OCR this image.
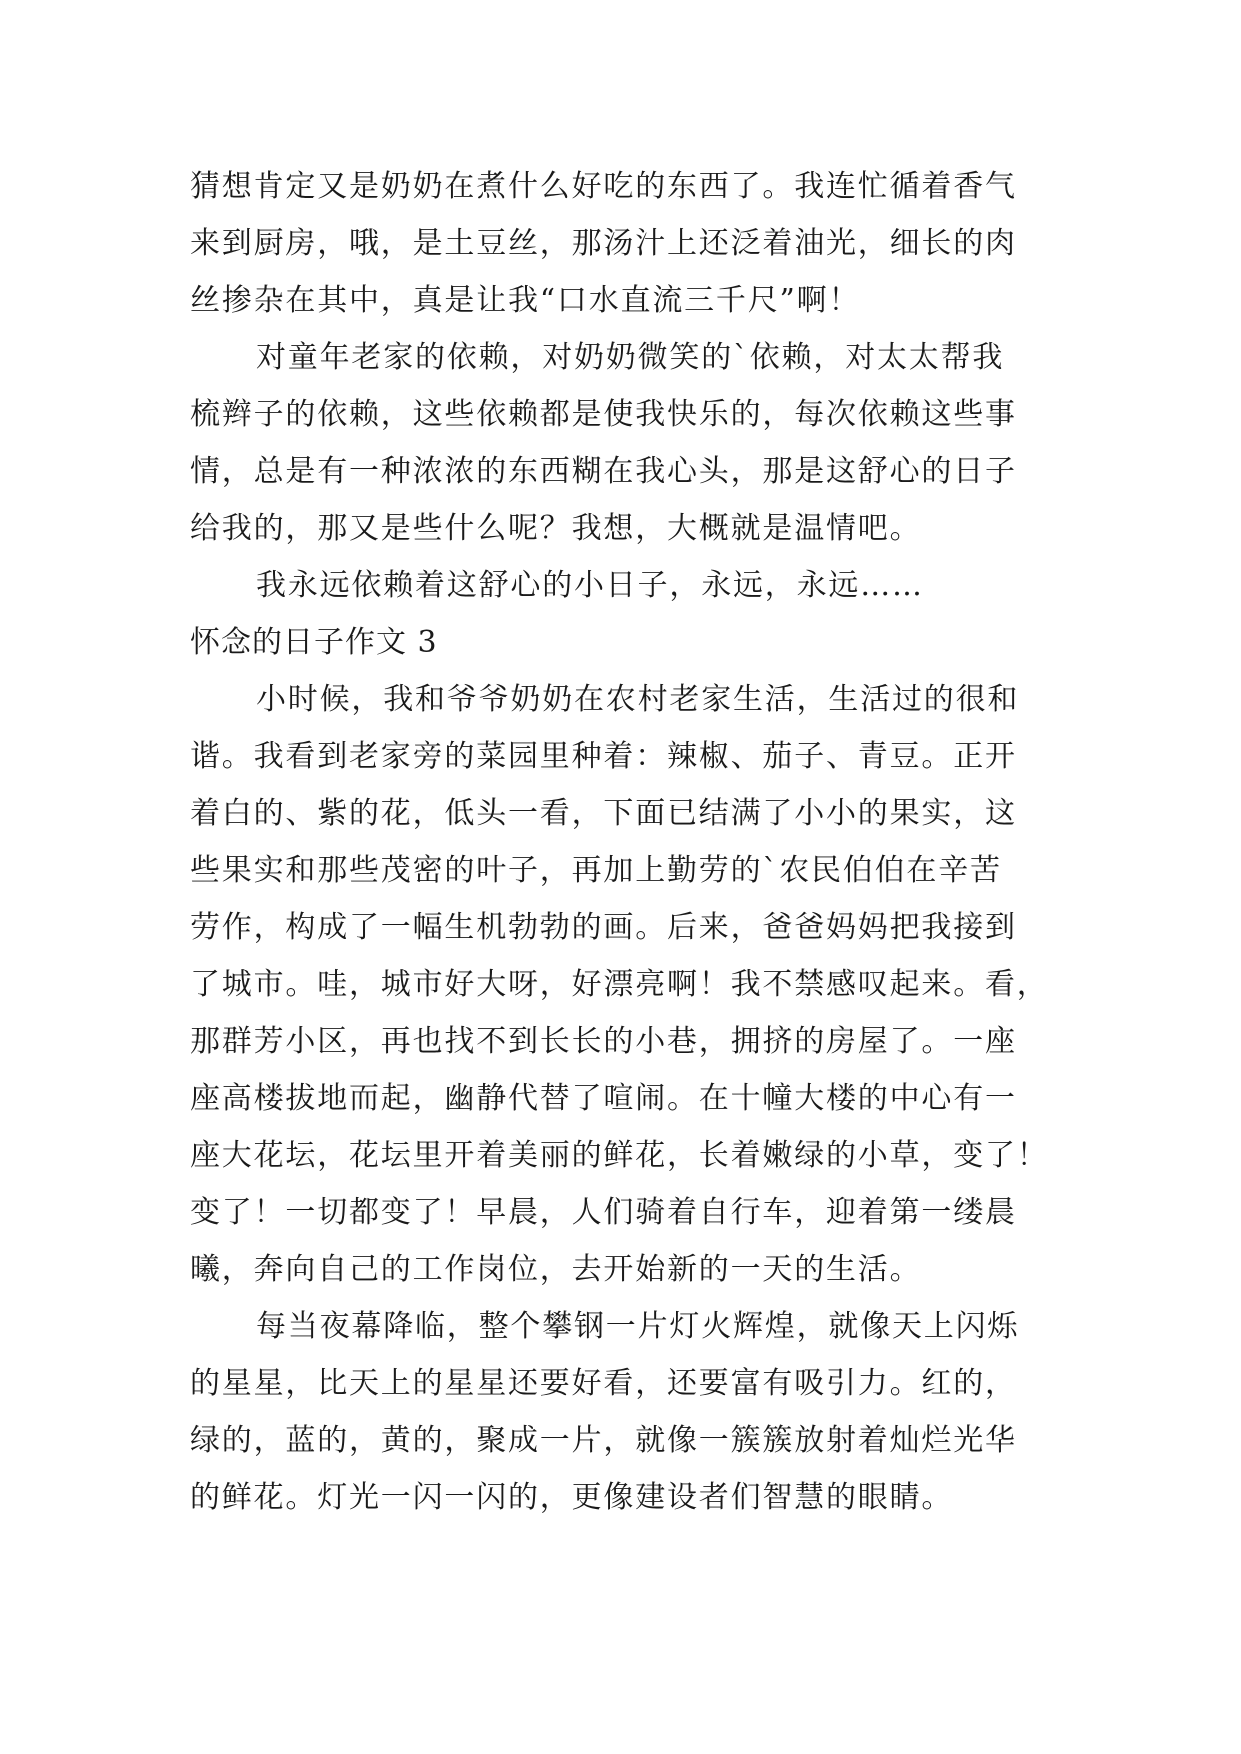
猜想肯定又是奶奶在煮什么好吃的东西了。我连忙循着香气
来到厨房，哦，是土豆丝，那汤汁上还泛着油光，细长的肉
丝掺杂在其中，真是让我“口水直流三千尺”啊！
对童年老家的依赖，对奶奶微笑的`依赖，对太太帮我
梳辫子的依赖，这些依赖都是使我快乐的，每次依赖这些事
情，总是有一种浓浓的东西糊在我心头，那是这舒心的日子
给我的，那又是些什么呢？我想，大概就是温情吧。
我永远依赖着这舒心的小日子，永远，永远……
怀念的日子作文 3
小时候，我和爷爷奶奶在农村老家生活，生活过的很和
谐。我看到老家旁的菜园里种着：辣椒、茄子、青豆。正开
着白的、紫的花，低头一看，下面已结满了小小的果实，这
些果实和那些茂密的叶子，再加上勤劳的`农民伯伯在辛苦
劳作，构成了一幅生机勃勃的画。后来，爸爸妈妈把我接到
了城市。哇，城市好大呀，好漂亮啊！我不禁感叹起来。看，
那群芳小区，再也找不到长长的小巷，拥挤的房屋了。一座
座高楼拔地而起，幽静代替了喧闹。在十幢大楼的中心有一
座大花坛，花坛里开着美丽的鲜花，长着嫩绿的小草，变了！
变了！一切都变了！早晨，人们骑着自行车，迎着第一缕晨
曦，奔向自己的工作岗位，去开始新的一天的生活。
每当夜幕降临，整个攀钢一片灯火辉煌，就像天上闪烁
的星星，比天上的星星还要好看，还要富有吸引力。红的，
绿的，蓝的，黄的，聚成一片，就像一簇簇放射着灿烂光华
的鲜花。灯光一闪一闪的，更像建设者们智慧的眼睛。
